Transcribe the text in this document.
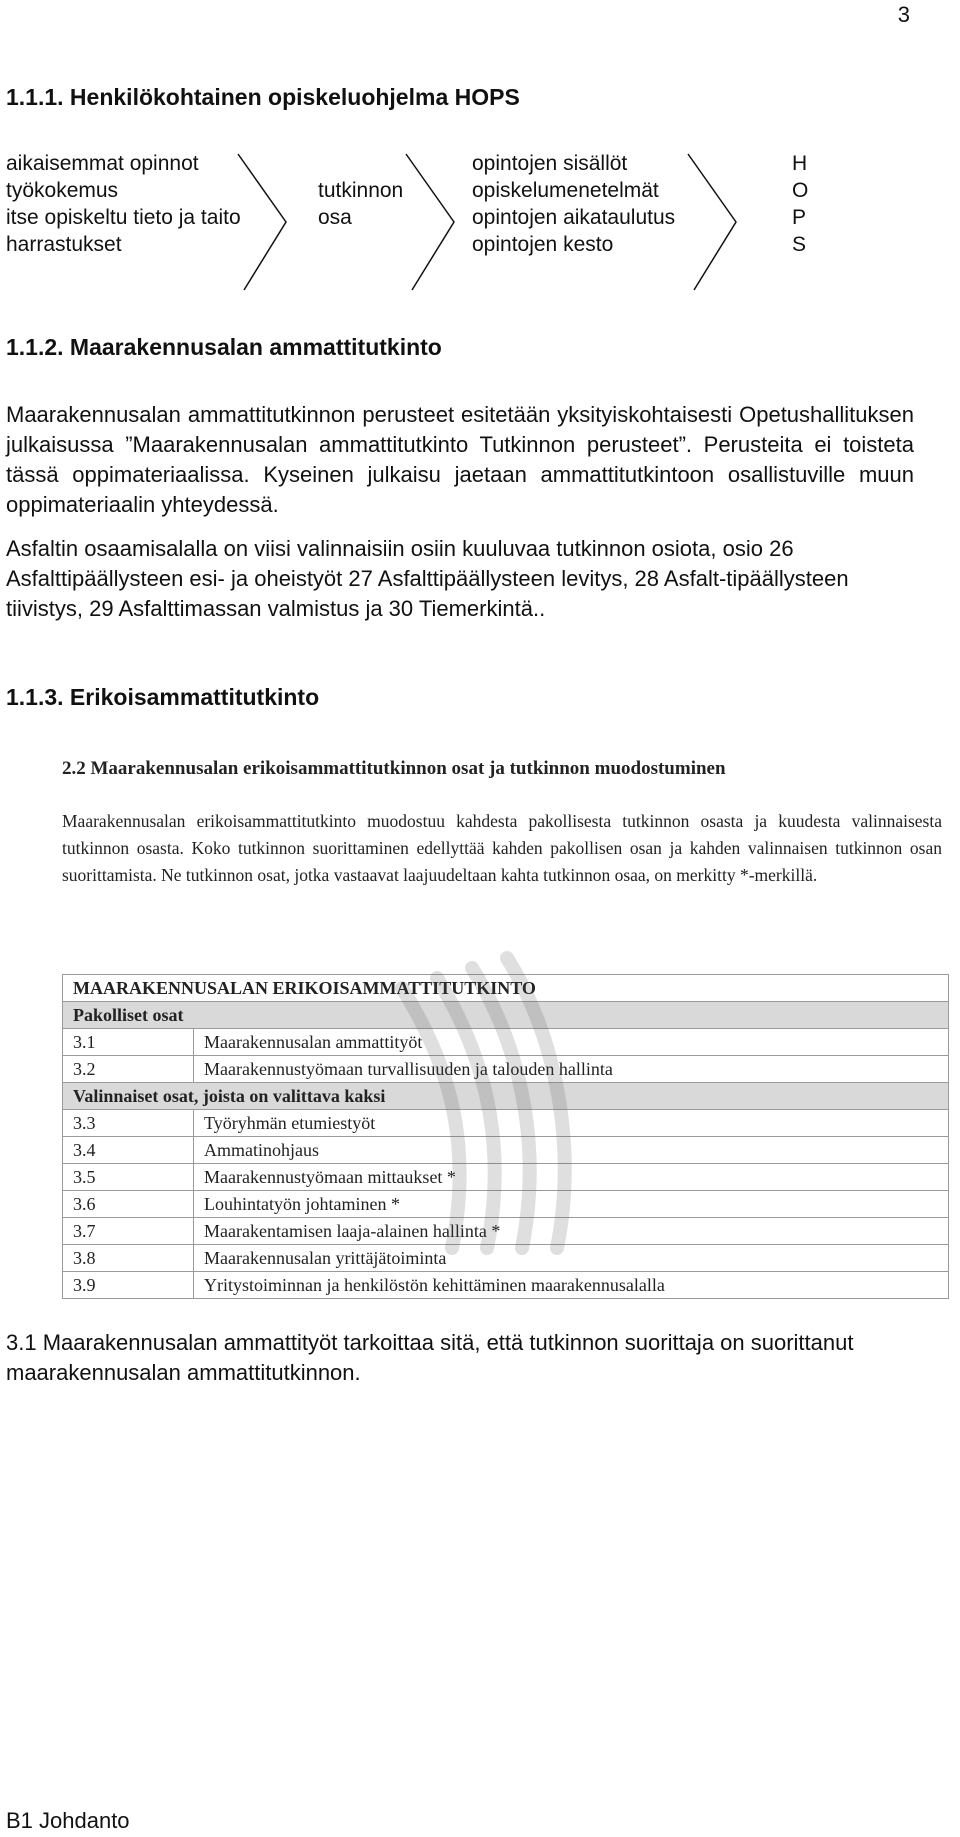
3
1.1.1. Henkilökohtainen opiskeluohjelma HOPS
aikaisemmat opinnot
työkokemus
itse opiskeltu tieto ja taito
harrastukset
tutkinnon
osa
opintojen sisällöt
opiskelumenetelmät
opintojen aikataulutus
opintojen kesto
H
O
P
S
1.1.2. Maarakennusalan ammattitutkinto
Maarakennusalan ammattitutkinnon perusteet esitetään yksityiskohtaisesti Opetushallituksen julkaisussa ”Maarakennusalan ammattitutkinto Tutkinnon perusteet”. Perusteita ei toisteta tässä oppimateriaalissa. Kyseinen julkaisu jaetaan ammattitutkintoon osallistuville muun oppimateriaalin yhteydessä.
Asfaltin osaamisalalla on viisi valinnaisiin osiin kuuluvaa tutkinnon osiota, osio 26 Asfalttipäällysteen esi- ja oheistyöt 27 Asfalttipäällysteen levitys, 28 Asfalt-tipäällysteen tiivistys, 29 Asfalttimassan valmistus ja 30 Tiemerkintä..
1.1.3. Erikoisammattitutkinto
2.2 Maarakennusalan erikoisammattitutkinnon osat ja tutkinnon muodostuminen
Maarakennusalan erikoisammattitutkinto muodostuu kahdesta pakollisesta tutkinnon osasta ja kuudesta valinnaisesta tutkinnon osasta. Koko tutkinnon suorittaminen edellyttää kahden pakollisen osan ja kahden valinnaisen tutkinnon osan suorittamista. Ne tutkinnon osat, jotka vastaavat laajuudeltaan kahta tutkinnon osaa, on merkitty *-merkillä.
MAARAKENNUSALAN ERIKOISAMMATTITUTKINTO	
Pakolliset osat	
3.1	Maarakennusalan ammattityöt
3.2	Maarakennustyömaan turvallisuuden ja talouden hallinta
Valinnaiset osat, joista on valittava kaksi	
3.3	Työryhmän etumiestyöt
3.4	Ammatinohjaus
3.5	Maarakennustyömaan mittaukset *
3.6	Louhintatyön johtaminen *
3.7	Maarakentamisen laaja-alainen hallinta *
3.8	Maarakennusalan yrittäjätoiminta
3.9	Yritystoiminnan ja henkilöstön kehittäminen maarakennusalalla
3.1 Maarakennusalan ammattityöt tarkoittaa sitä, että tutkinnon suorittaja on suorittanut maarakennusalan ammattitutkinnon.
B1 Johdanto
